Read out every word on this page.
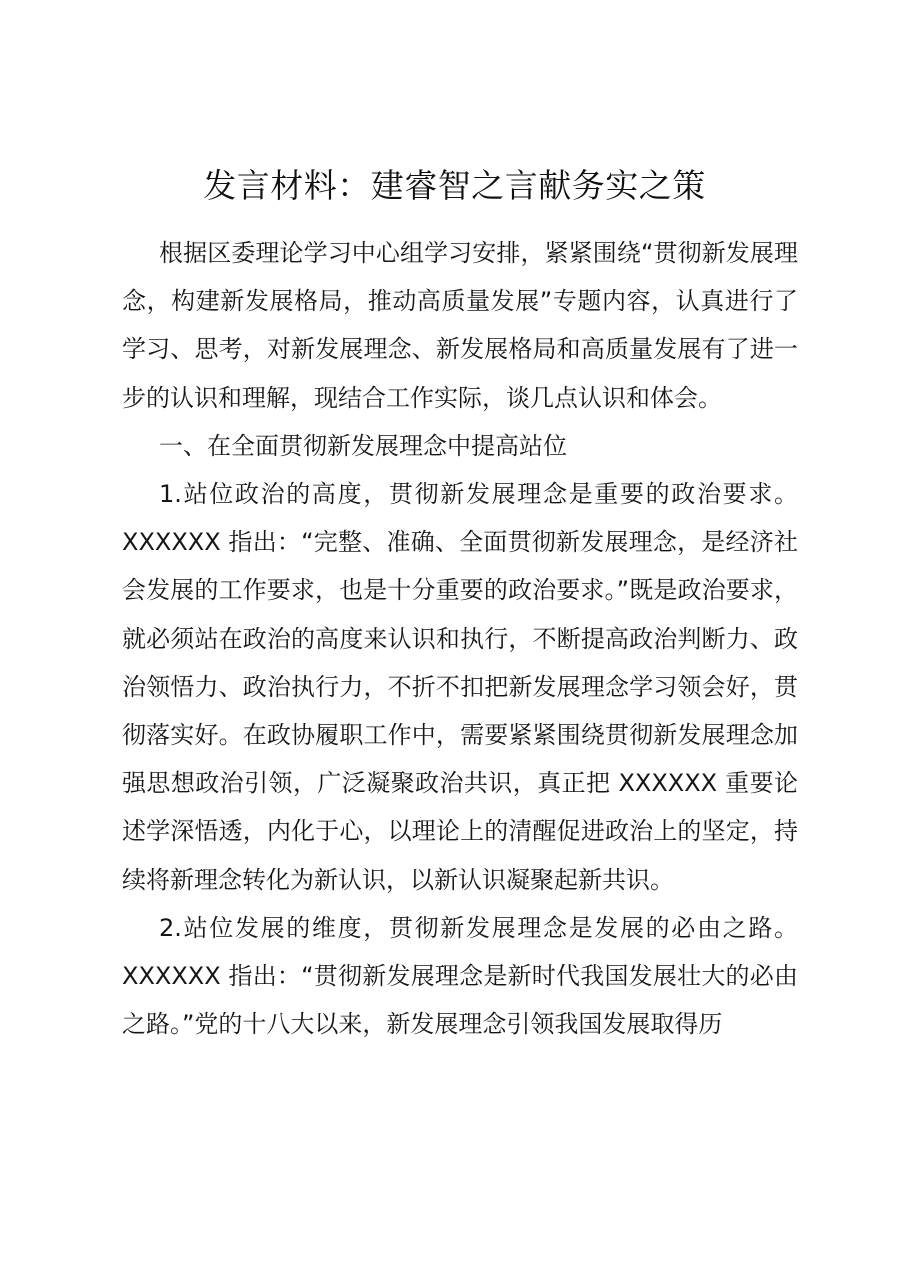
发言材料：建睿智之言献务实之策

根据区委理论学习中心组学习安排，紧紧围绕“贯彻新发展理念，构建新发展格局，推动高质量发展”专题内容，认真进行了学习、思考，对新发展理念、新发展格局和高质量发展有了进一步的认识和理解，现结合工作实际，谈几点认识和体会。

一、在全面贯彻新发展理念中提高站位

1.站位政治的高度，贯彻新发展理念是重要的政治要求。XXXXXX 指出：“完整、准确、全面贯彻新发展理念，是经济社会发展的工作要求，也是十分重要的政治要求。”既是政治要求，就必须站在政治的高度来认识和执行，不断提高政治判断力、政治领悟力、政治执行力，不折不扣把新发展理念学习领会好，贯彻落实好。在政协履职工作中，需要紧紧围绕贯彻新发展理念加强思想政治引领，广泛凝聚政治共识，真正把 XXXXXX 重要论述学深悟透，内化于心，以理论上的清醒促进政治上的坚定，持续将新理念转化为新认识，以新认识凝聚起新共识。

2.站位发展的维度，贯彻新发展理念是发展的必由之路。XXXXXX 指出：“贯彻新发展理念是新时代我国发展壮大的必由之路。”党的十八大以来，新发展理念引领我国发展取得历
